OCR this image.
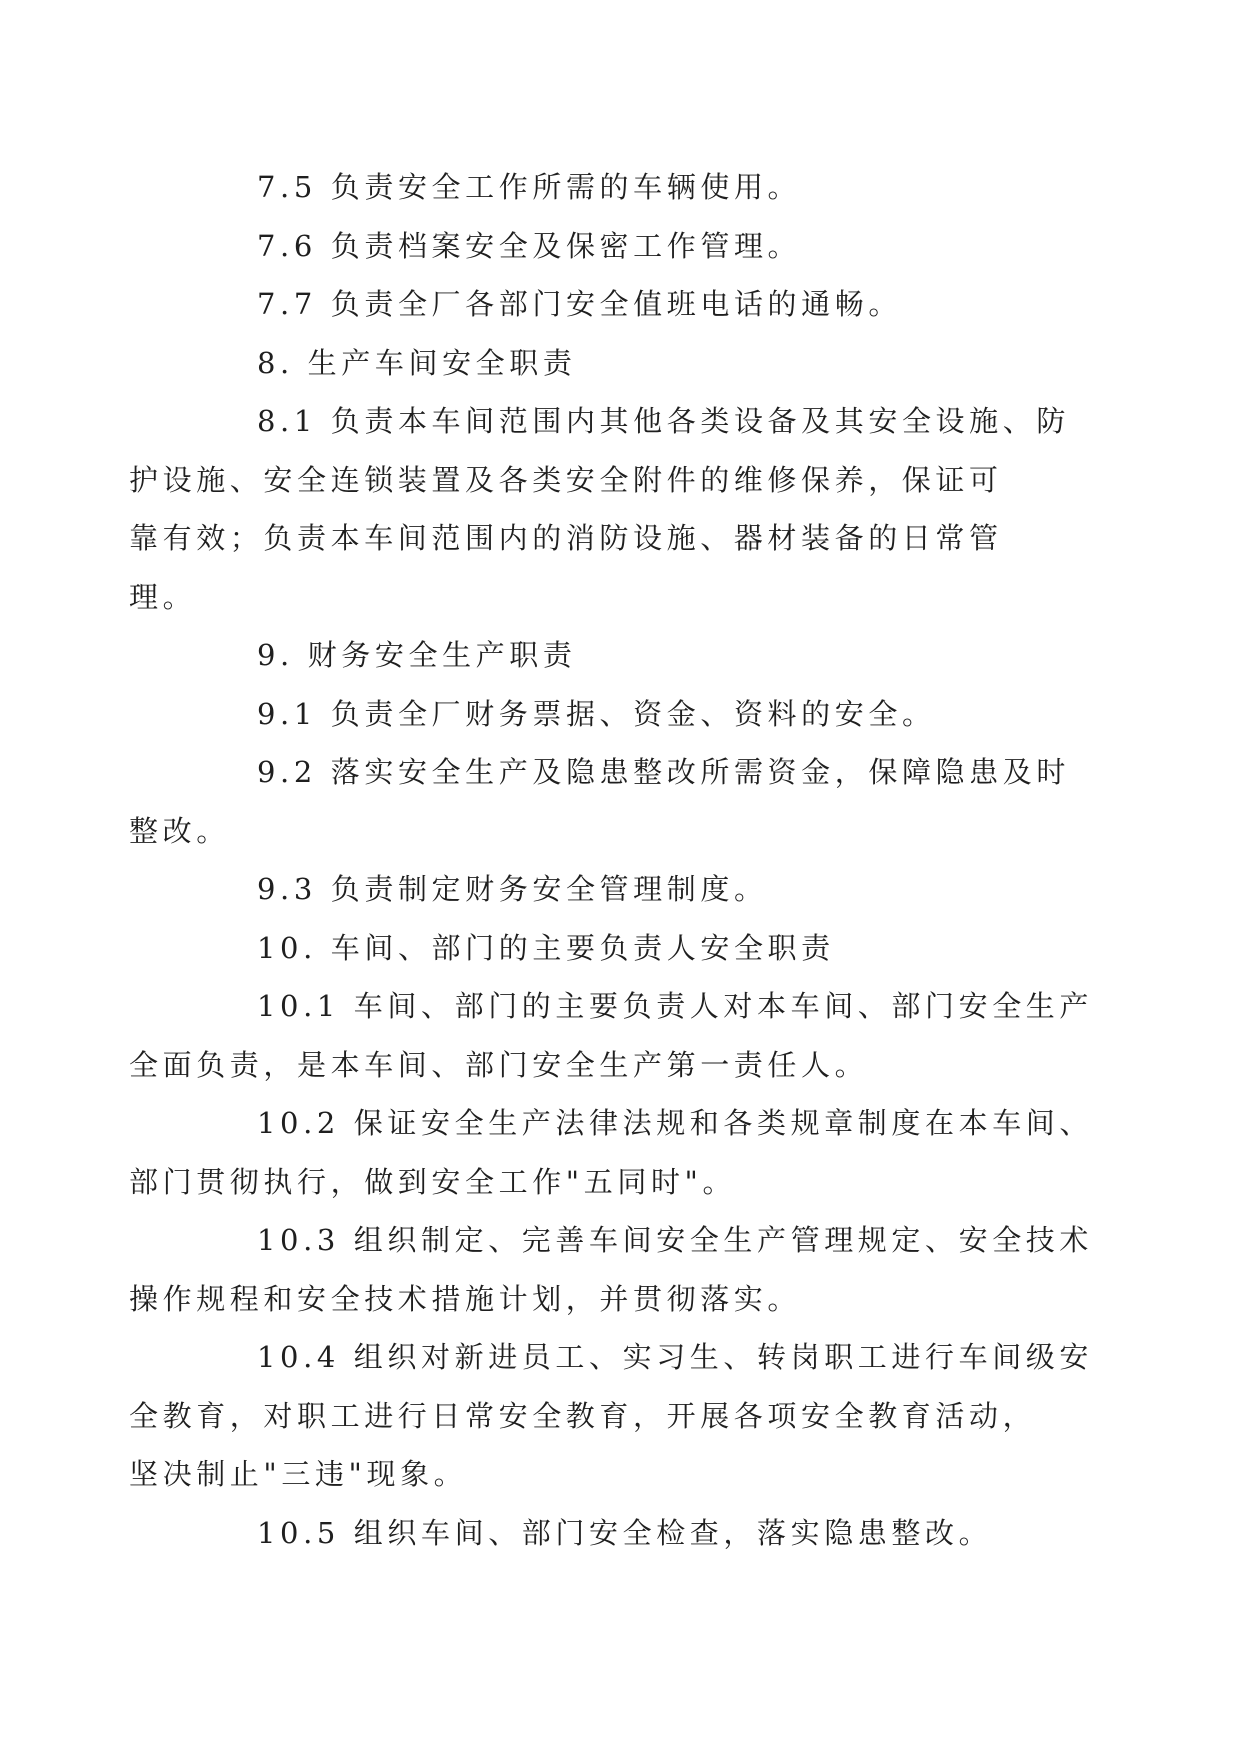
7.5 负责安全工作所需的车辆使用。

7.6 负责档案安全及保密工作管理。

7.7 负责全厂各部门安全值班电话的通畅。

8. 生产车间安全职责

8.1 负责本车间范围内其他各类设备及其安全设施、防
护设施、安全连锁装置及各类安全附件的维修保养，保证可
靠有效；负责本车间范围内的消防设施、器材装备的日常管
理。

9. 财务安全生产职责

9.1 负责全厂财务票据、资金、资料的安全。

9.2 落实安全生产及隐患整改所需资金，保障隐患及时
整改。

9.3 负责制定财务安全管理制度。

10. 车间、部门的主要负责人安全职责

10.1 车间、部门的主要负责人对本车间、部门安全生产
全面负责，是本车间、部门安全生产第一责任人。

10.2 保证安全生产法律法规和各类规章制度在本车间、
部门贯彻执行，做到安全工作"五同时"。

10.3 组织制定、完善车间安全生产管理规定、安全技术
操作规程和安全技术措施计划，并贯彻落实。

10.4 组织对新进员工、实习生、转岗职工进行车间级安
全教育，对职工进行日常安全教育，开展各项安全教育活动，
坚决制止"三违"现象。

10.5 组织车间、部门安全检查，落实隐患整改。
